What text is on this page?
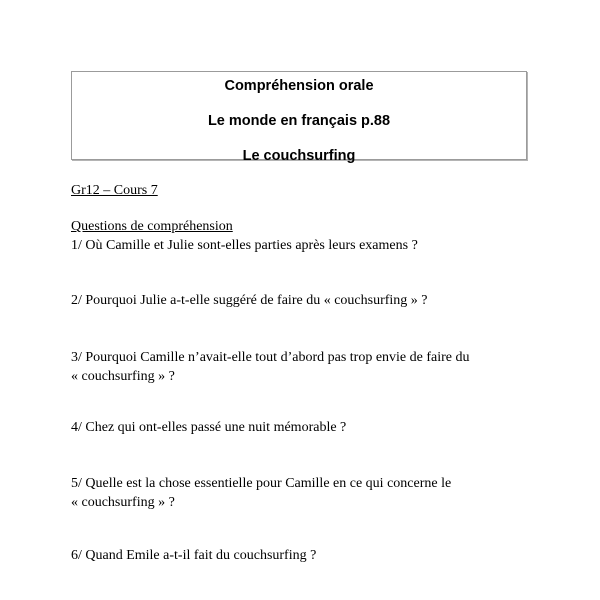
Compréhension orale
Le monde en français p.88
Le couchsurfing
Gr12 – Cours 7
Questions de compréhension
1/ Où Camille et Julie sont-elles parties après leurs examens ?
2/ Pourquoi Julie a-t-elle suggéré de faire du « couchsurfing » ?
3/ Pourquoi Camille n’avait-elle tout d’abord pas trop envie de faire du
« couchsurfing » ?
4/ Chez qui ont-elles passé une nuit mémorable ?
5/ Quelle est la chose essentielle pour Camille en ce qui concerne le
« couchsurfing » ?
6/ Quand Emile a-t-il fait du couchsurfing ?
